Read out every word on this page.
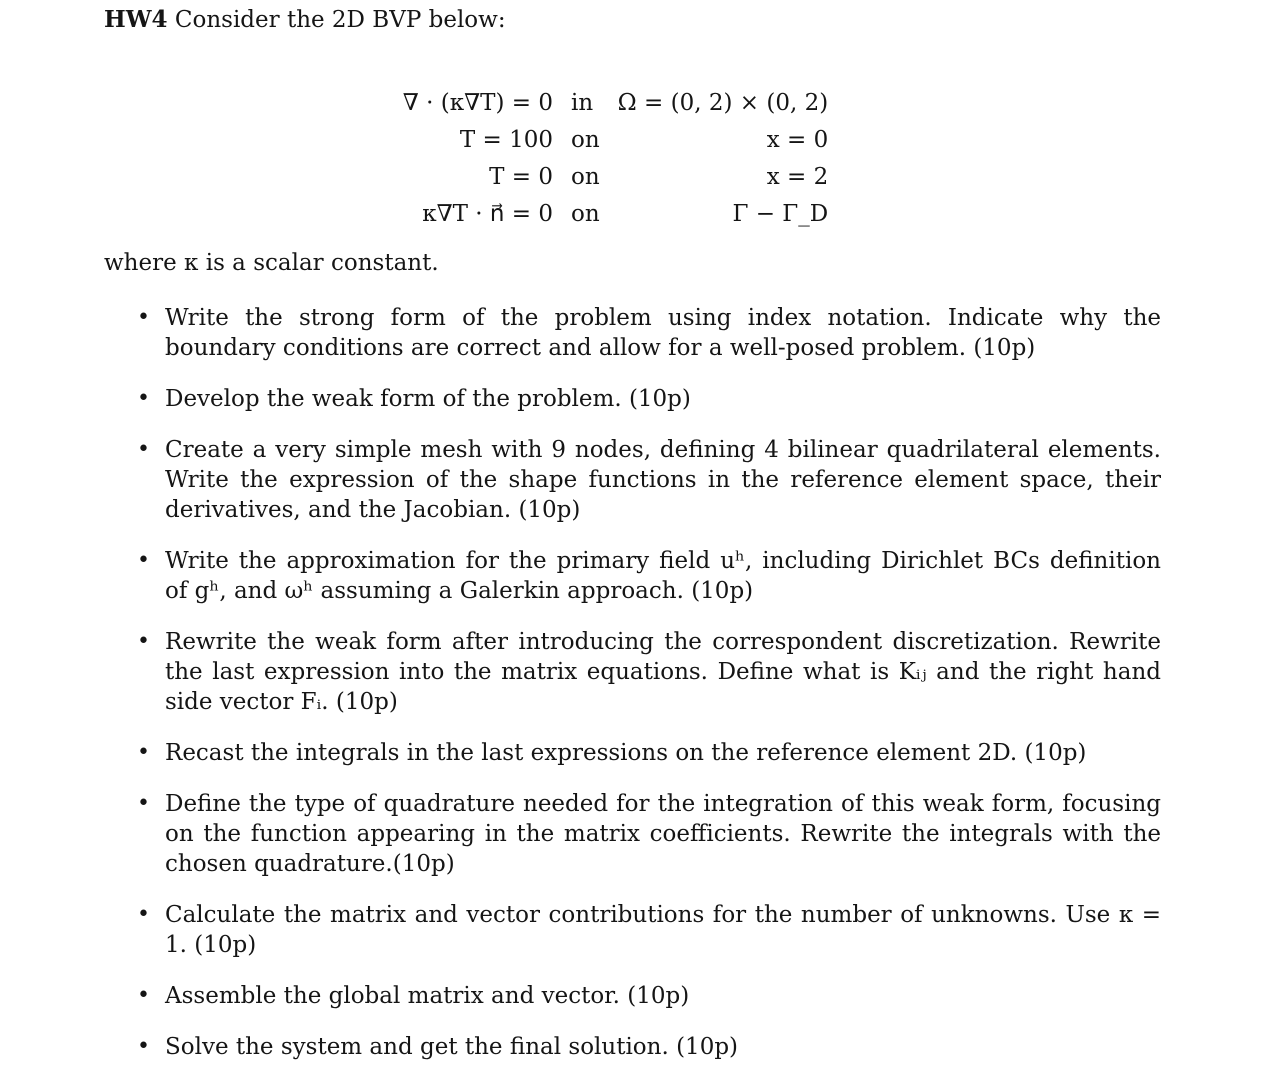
HW4 Consider the 2D BVP below:
∇ · (κ∇T) = 0	in	Ω = (0, 2) × (0, 2)
T = 100	on	x = 0
T = 0	on	x = 2
κ∇T · n⃗ = 0	on	Γ − Γ_D
where κ is a scalar constant.
• Write the strong form of the problem using index notation. Indicate why the boundary conditions are correct and allow for a well-posed problem. (10p)
• Develop the weak form of the problem. (10p)
• Create a very simple mesh with 9 nodes, defining 4 bilinear quadrilateral elements. Write the expression of the shape functions in the reference element space, their derivatives, and the Jacobian. (10p)
• Write the approximation for the primary field uʰ, including Dirichlet BCs definition of gʰ, and ωʰ assuming a Galerkin approach. (10p)
• Rewrite the weak form after introducing the correspondent discretization. Rewrite the last expression into the matrix equations. Define what is Kᵢⱼ and the right hand side vector Fᵢ. (10p)
• Recast the integrals in the last expressions on the reference element 2D. (10p)
• Define the type of quadrature needed for the integration of this weak form, focusing on the function appearing in the matrix coefficients. Rewrite the integrals with the chosen quadrature.(10p)
• Calculate the matrix and vector contributions for the number of unknowns. Use κ = 1. (10p)
• Assemble the global matrix and vector. (10p)
• Solve the system and get the final solution. (10p)
